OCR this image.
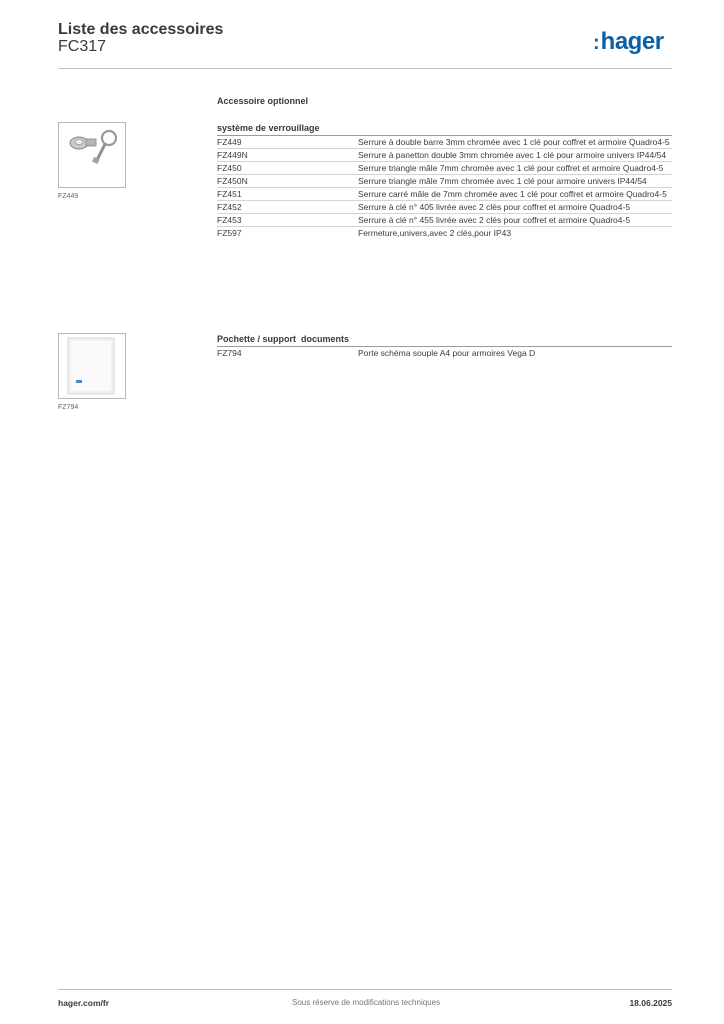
Liste des accessoires
FC317	:hager
Accessoire optionnel
FZ449
système de verrouillage
FZ449	Serrure à double barre 3mm chromée avec 1 clé pour coffret et armoire Quadro4-5
FZ449N	Serrure à panetton double 3mm chromée avec 1 clé pour armoire univers IP44/54
FZ450	Serrure triangle mâle 7mm chromée avec 1 clé pour coffret et armoire Quadro4-5
FZ450N	Serrure triangle mâle 7mm chromée avec 1 clé pour armoire univers IP44/54
FZ451	Serrure carré mâle de 7mm chromée avec 1 clé pour coffret et armoire Quadro4-5
FZ452	Serrure à clé n° 405 livrée avec 2 clés pour coffret et armoire Quadro4-5
FZ453	Serrure à clé n° 455 livrée avec 2 clés pour coffret et armoire Quadro4-5
FZ597	Fermeture,univers,avec 2 clés,pour IP43
FZ794
Pochette / support  documents
FZ794	Porte schéma souple A4 pour armoires Vega D
hager.com/fr	Sous réserve de modifications techniques	18.06.2025
